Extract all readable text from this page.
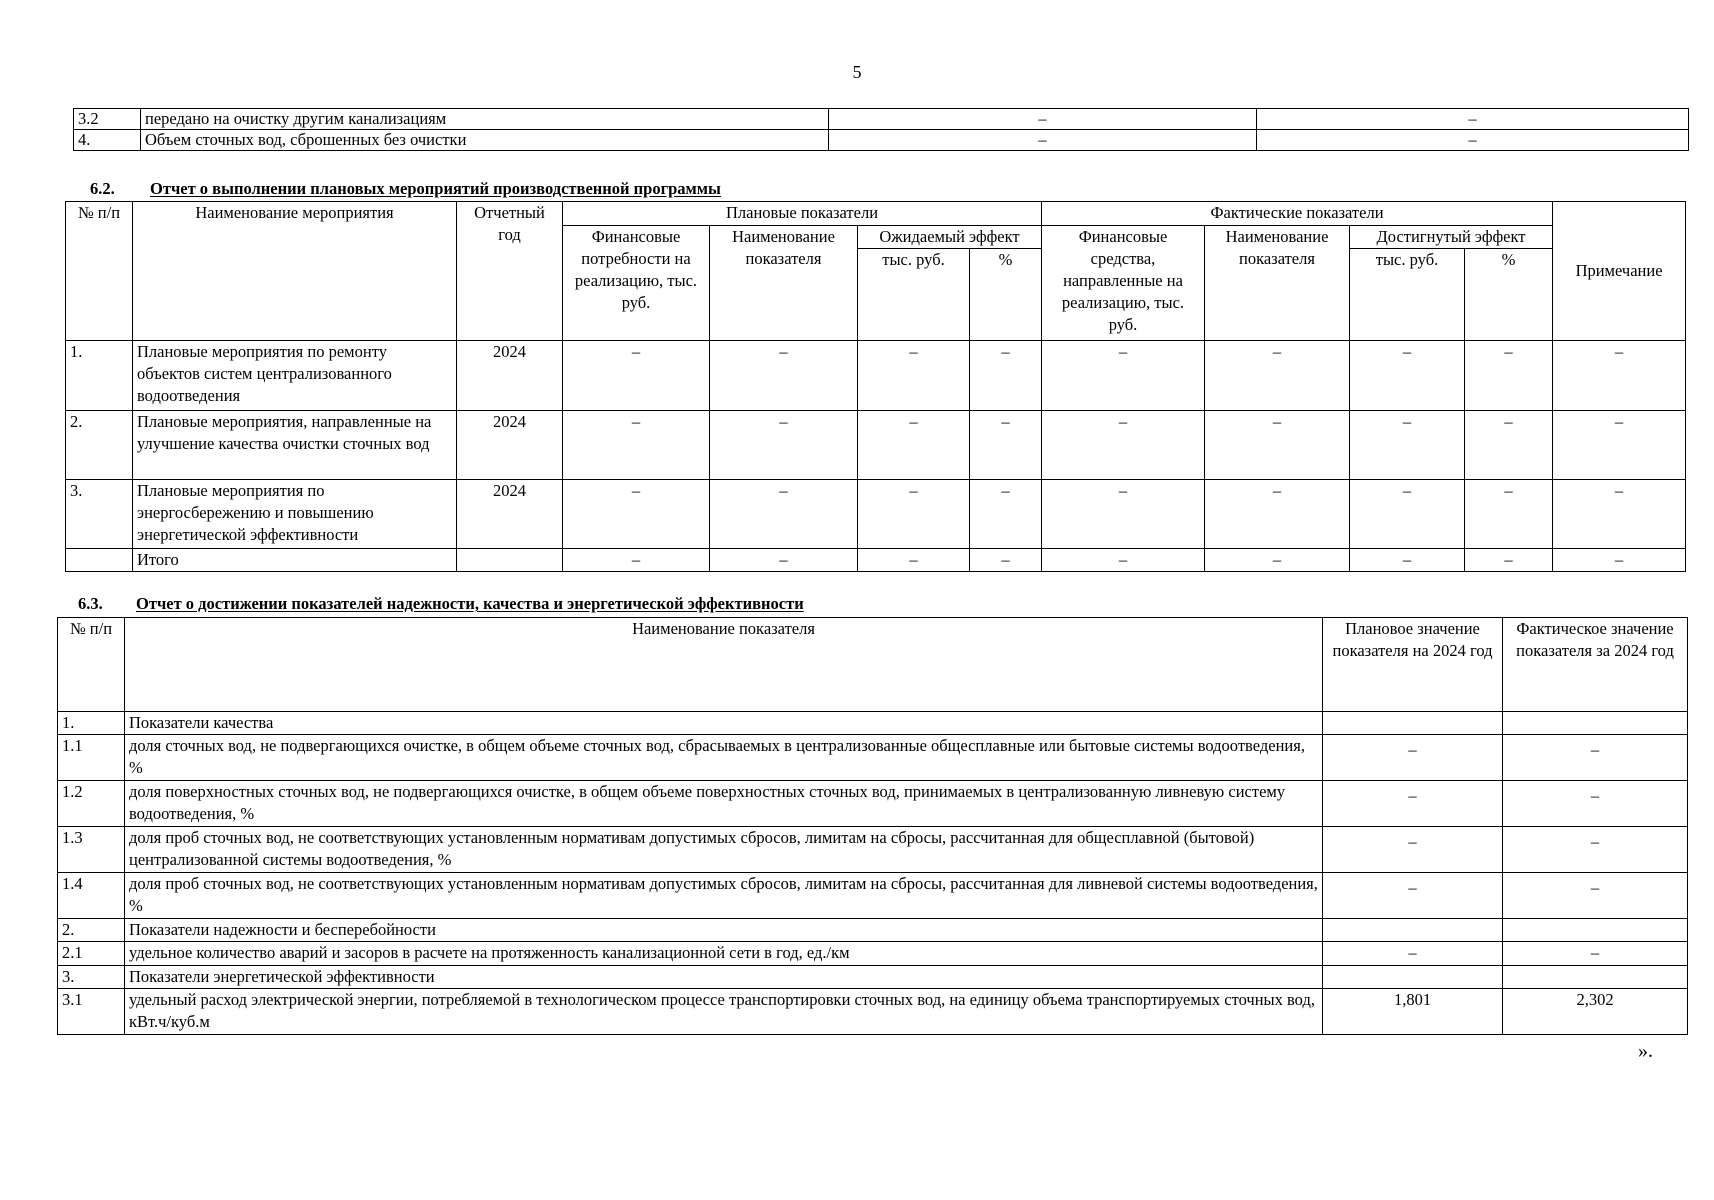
5
3.2	передано на очистку другим канализациям	–	–
4.	Объем сточных вод, сброшенных без очистки	–	–
6.2. Отчет о выполнении плановых мероприятий производственной программы
№ п/п	Наименование мероприятия	Отчетный год	Плановые показатели				Фактические показатели				Примечание
			Финансовые потребности на реализацию, тыс. руб.	Наименование показателя	Ожидаемый эффект		Финансовые средства, направленные на реализацию, тыс. руб.	Наименование показателя	Достигнутый эффект		
					тыс. руб.	%			тыс. руб.	%	
1.	Плановые мероприятия по ремонту объектов систем централизованного водоотведения	2024	–	–	–	–	–	–	–	–	–
2.	Плановые мероприятия, направленные на улучшение качества очистки сточных вод	2024	–	–	–	–	–	–	–	–	–
3.	Плановые мероприятия по энергосбережению и повышению энергетической эффективности	2024	–	–	–	–	–	–	–	–	–
	Итого		–	–	–	–	–	–	–	–	–
6.3. Отчет о достижении показателей надежности, качества и энергетической эффективности
№ п/п	Наименование показателя	Плановое значение показателя на 2024 год	Фактическое значение показателя за 2024 год
1.	Показатели качества		
1.1	доля сточных вод, не подвергающихся очистке, в общем объеме сточных вод, сбрасываемых в централизованные общесплавные или бытовые системы водоотведения, %	–	–
1.2	доля поверхностных сточных вод, не подвергающихся очистке, в общем объеме поверхностных сточных вод, принимаемых в централизованную ливневую систему водоотведения, %	–	–
1.3	доля проб сточных вод, не соответствующих установленным нормативам допустимых сбросов, лимитам на сбросы, рассчитанная для общесплавной (бытовой) централизованной системы водоотведения, %	–	–
1.4	доля проб сточных вод, не соответствующих установленным нормативам допустимых сбросов, лимитам на сбросы, рассчитанная для ливневой системы водоотведения, %	–	–
2.	Показатели надежности и бесперебойности		
2.1	удельное количество аварий и засоров в расчете на протяженность канализационной сети в год, ед./км	–	–
3.	Показатели энергетической эффективности		
3.1	удельный расход электрической энергии, потребляемой в технологическом процессе транспортировки сточных вод, на единицу объема транспортируемых сточных вод, кВт.ч/куб.м	1,801	2,302
».
